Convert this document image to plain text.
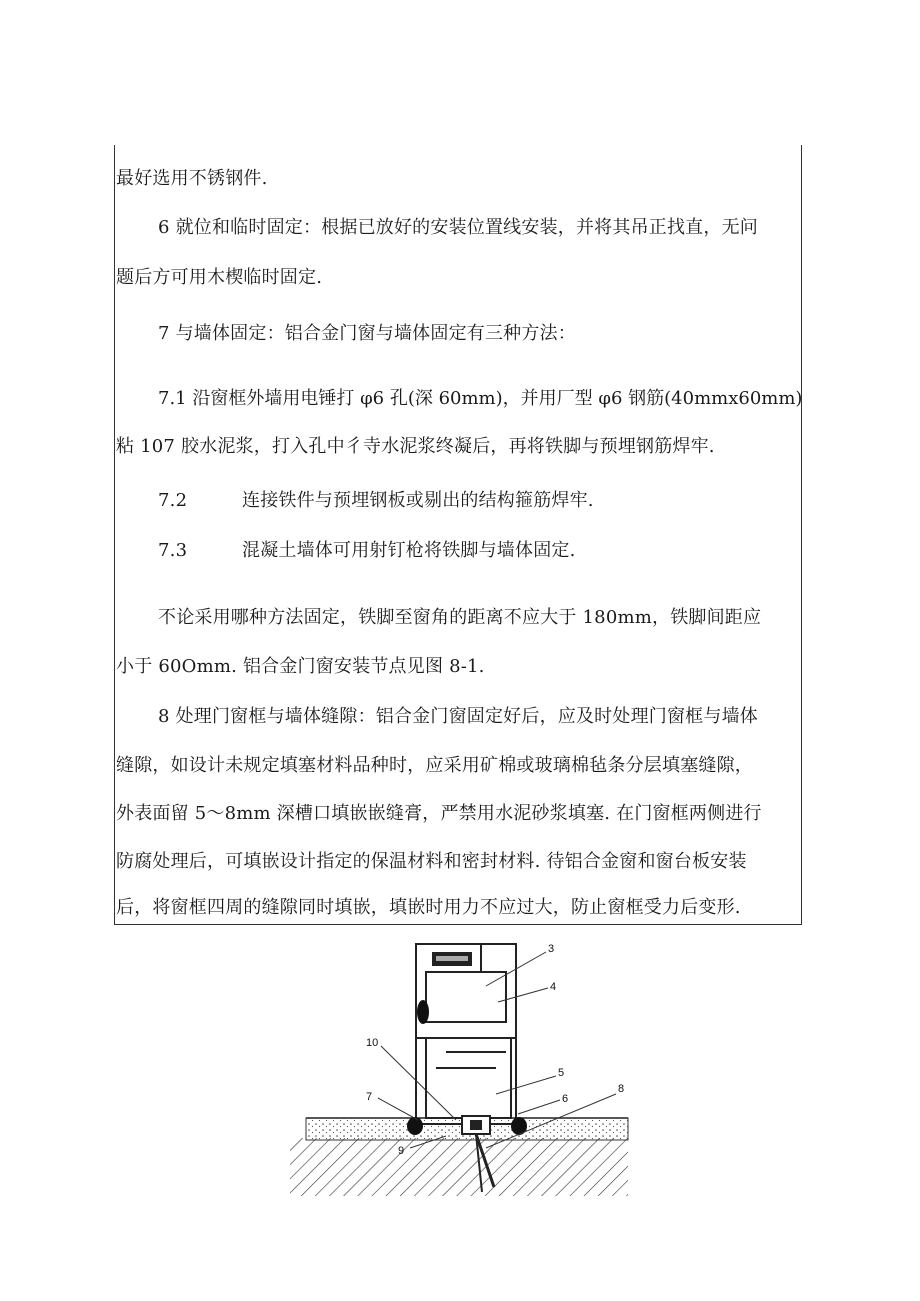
最好选用不锈钢件.
6 就位和临时固定：根据已放好的安装位置线安装，并将其吊正找直，无问
题后方可用木楔临时固定.
7 与墙体固定：铝合金门窗与墙体固定有三种方法：
7.1 沿窗框外墙用电锤打 φ6 孔(深 60mm)，并用厂型 φ6 钢筋(40mmx60mm)
粘 107 胶水泥浆，打入孔中彳寺水泥浆终凝后，再将铁脚与预埋钢筋焊牢.
7.2	连接铁件与预埋钢板或剔出的结构箍筋焊牢.
7.3	混凝土墙体可用射钉枪将铁脚与墙体固定.
不论采用哪种方法固定，铁脚至窗角的距离不应大于 180mm，铁脚间距应
小于 60Omm. 铝合金门窗安装节点见图 8-1.
8 处理门窗框与墙体缝隙：铝合金门窗固定好后，应及时处理门窗框与墙体
缝隙，如设计未规定填塞材料品种时，应采用矿棉或玻璃棉毡条分层填塞缝隙，
外表面留 5～8mm 深槽口填嵌嵌缝膏，严禁用水泥砂浆填塞. 在门窗框两侧进行
防腐处理后，可填嵌设计指定的保温材料和密封材料. 待铝合金窗和窗台板安装
后，将窗框四周的缝隙同时填嵌，填嵌时用力不应过大，防止窗框受力后变形.
3
4
10
5
8
7	6
9
